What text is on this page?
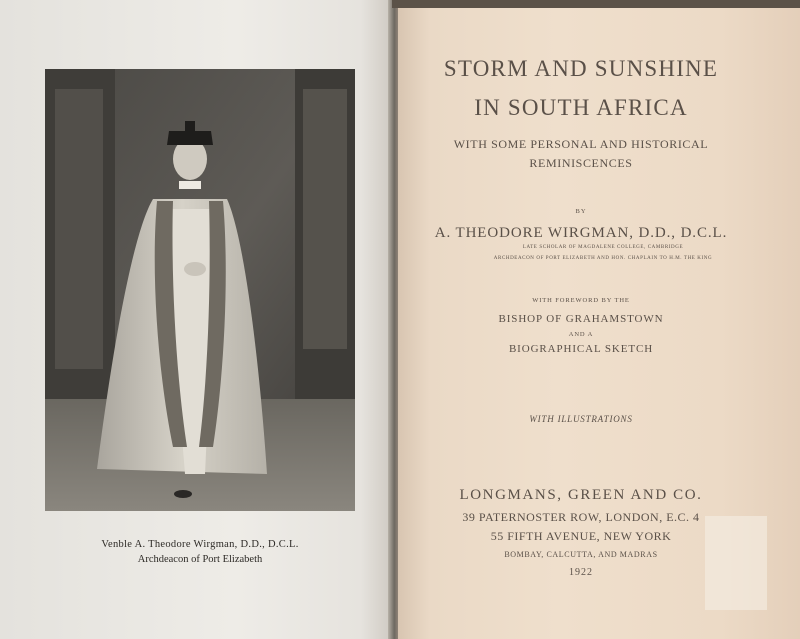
Venble A. Theodore Wirgman, D.D., D.C.L.

Archdeacon of Port Elizabeth

STORM AND SUNSHINE
IN SOUTH AFRICA

WITH SOME PERSONAL AND HISTORICAL

REMINISCENCES

BY

A. THEODORE WIRGMAN, D.D., D.C.L.

LATE SCHOLAR OF MAGDALENE COLLEGE, CAMBRIDGE

ARCHDEACON OF PORT ELIZABETH AND HON. CHAPLAIN TO H.M. THE KING

WITH FOREWORD BY THE

BISHOP OF GRAHAMSTOWN

AND A

BIOGRAPHICAL SKETCH

WITH ILLUSTRATIONS

LONGMANS, GREEN AND CO.

39 PATERNOSTER ROW, LONDON, E.C. 4

55 FIFTH AVENUE, NEW YORK

BOMBAY, CALCUTTA, AND MADRAS

1922
